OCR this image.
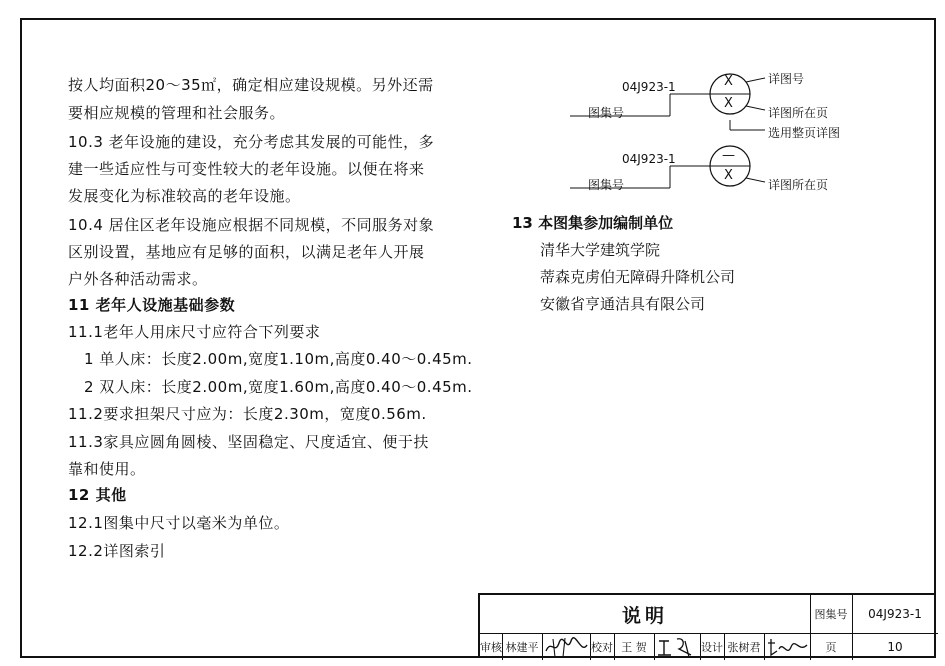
按人均面积20～35㎡，确定相应建设规模。另外还需
要相应规模的管理和社会服务。
10.3 老年设施的建设，充分考虑其发展的可能性，多
建一些适应性与可变性较大的老年设施。以便在将来
发展变化为标准较高的老年设施。
10.4 居住区老年设施应根据不同规模，不同服务对象
区别设置，基地应有足够的面积，以满足老年人开展
户外各种活动需求。
11 老年人设施基础参数
11.1老年人用床尺寸应符合下列要求
1 单人床：长度2.00m,宽度1.10m,高度0.40～0.45m.
2 双人床：长度2.00m,宽度1.60m,高度0.40～0.45m.
11.2要求担架尺寸应为：长度2.30m，宽度0.56m.
11.3家具应圆角圆棱、坚固稳定、尺度适宜、便于扶
靠和使用。
12 其他
12.1图集中尺寸以毫米为单位。
12.2详图索引
04J923-1	X
X
详图号
图集号	详图所在页
选用整页详图
04J923-1	—
X
图集号	详图所在页
13 本图集参加编制单位
清华大学建筑学院
蒂森克虏伯无障碍升降机公司
安徽省亨通洁具有限公司
说明	图集号	04J923-1
审核 林建平	校对 王 贺	设计 张树君	页	10
